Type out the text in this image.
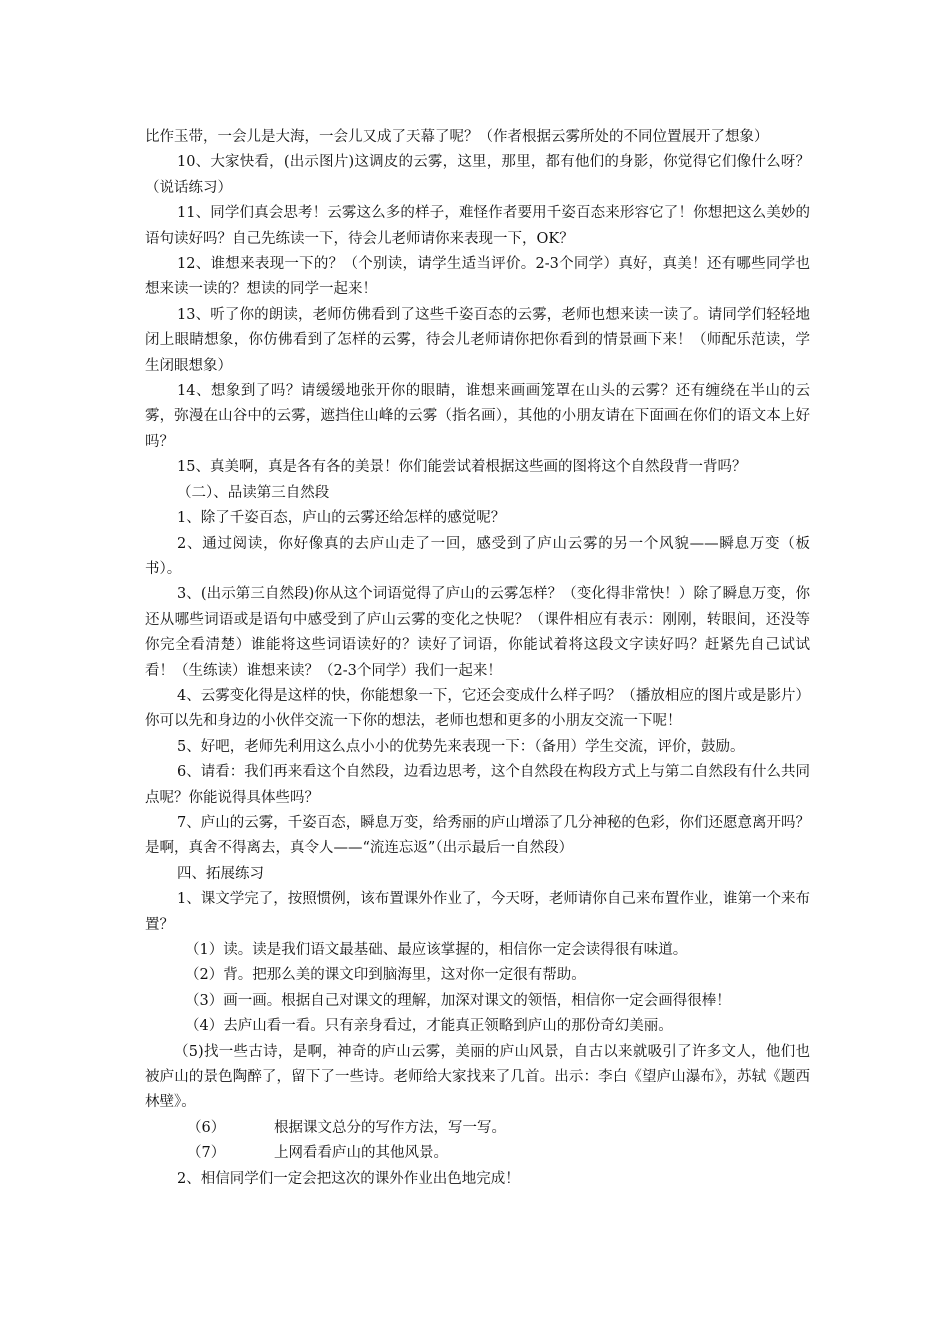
比作玉带，一会儿是大海，一会儿又成了天幕了呢？（作者根据云雾所处的不同位置展开了想象）

10、大家快看，(出示图片)这调皮的云雾，这里，那里，都有他们的身影，你觉得它们像什么呀？（说话练习）

11、同学们真会思考！云雾这么多的样子，难怪作者要用千姿百态来形容它了！你想把这么美妙的语句读好吗？自己先练读一下，待会儿老师请你来表现一下，OK？

12、谁想来表现一下的？（个别读，请学生适当评价。2-3个同学）真好，真美！还有哪些同学也想来读一读的？想读的同学一起来！

13、听了你的朗读，老师仿佛看到了这些千姿百态的云雾，老师也想来读一读了。请同学们轻轻地闭上眼睛想象，你仿佛看到了怎样的云雾，待会儿老师请你把你看到的情景画下来！（师配乐范读，学生闭眼想象）

14、想象到了吗？请缓缓地张开你的眼睛，谁想来画画笼罩在山头的云雾？还有缠绕在半山的云雾，弥漫在山谷中的云雾，遮挡住山峰的云雾（指名画），其他的小朋友请在下面画在你们的语文本上好吗？

15、真美啊，真是各有各的美景！你们能尝试着根据这些画的图将这个自然段背一背吗？

（二）、品读第三自然段

1、除了千姿百态，庐山的云雾还给怎样的感觉呢？

2、通过阅读，你好像真的去庐山走了一回，感受到了庐山云雾的另一个风貌——瞬息万变（板书）。

3、(出示第三自然段)你从这个词语觉得了庐山的云雾怎样？（变化得非常快！）除了瞬息万变，你还从哪些词语或是语句中感受到了庐山云雾的变化之快呢？（课件相应有表示：刚刚，转眼间，还没等你完全看清楚）谁能将这些词语读好的？读好了词语，你能试着将这段文字读好吗？赶紧先自己试试看！（生练读）谁想来读？（2-3个同学）我们一起来！

4、云雾变化得是这样的快，你能想象一下，它还会变成什么样子吗？（播放相应的图片或是影片）你可以先和身边的小伙伴交流一下你的想法，老师也想和更多的小朋友交流一下呢！

5、好吧，老师先利用这么点小小的优势先来表现一下：（备用）学生交流，评价，鼓励。

6、请看：我们再来看这个自然段，边看边思考，这个自然段在构段方式上与第二自然段有什么共同点呢？你能说得具体些吗？

7、庐山的云雾，千姿百态，瞬息万变，给秀丽的庐山增添了几分神秘的色彩，你们还愿意离开吗？是啊，真舍不得离去，真令人——“流连忘返”（出示最后一自然段）

四、拓展练习

1、课文学完了，按照惯例，该布置课外作业了，今天呀，老师请你自己来布置作业，谁第一个来布置？

（1）读。读是我们语文最基础、最应该掌握的，相信你一定会读得很有味道。

（2）背。把那么美的课文印到脑海里，这对你一定很有帮助。

（3）画一画。根据自己对课文的理解，加深对课文的领悟，相信你一定会画得很棒！

（4）去庐山看一看。只有亲身看过，才能真正领略到庐山的那份奇幻美丽。

（5)找一些古诗，是啊，神奇的庐山云雾，美丽的庐山风景，自古以来就吸引了许多文人，他们也被庐山的景色陶醉了，留下了一些诗。老师给大家找来了几首。出示：李白《望庐山瀑布》，苏轼《题西林壁》。

（6）	根据课文总分的写作方法，写一写。
（7）	上网看看庐山的其他风景。

2、相信同学们一定会把这次的课外作业出色地完成！
